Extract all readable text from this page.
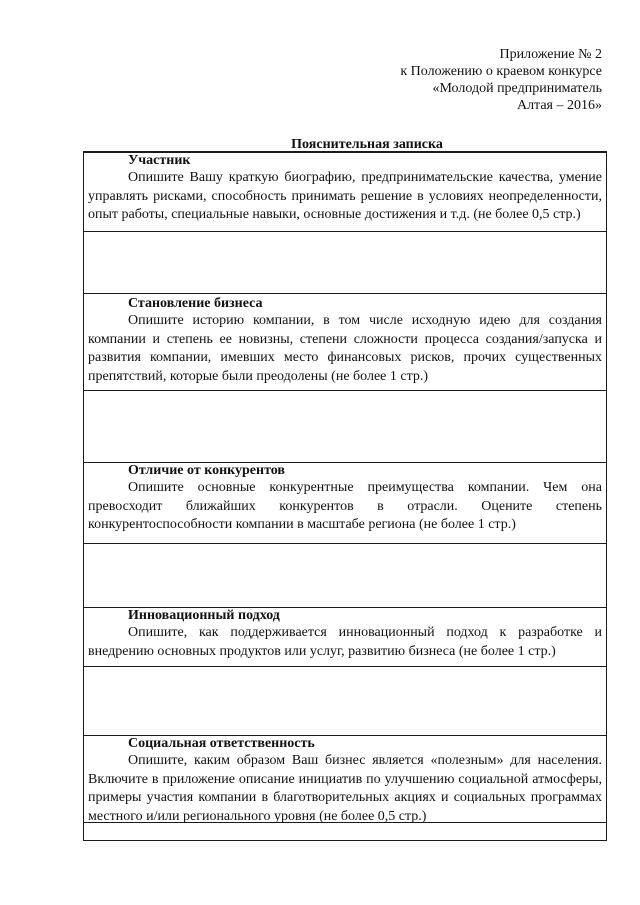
Приложение № 2
к Положению о краевом конкурсе
«Молодой предприниматель
Алтая – 2016»
Пояснительная записка
Участник
Опишите Вашу краткую биографию, предпринимательские качества, умение управлять рисками, способность принимать решение в условиях неопределенности, опыт работы, специальные навыки, основные достижения и т.д. (не более 0,5 стр.)
Становление бизнеса
Опишите историю компании, в том числе исходную идею для создания компании и степень ее новизны, степени сложности процесса создания/запуска и развития компании, имевших место финансовых рисков, прочих существенных препятствий, которые были преодолены (не более 1 стр.)
Отличие от конкурентов
Опишите основные конкурентные преимущества компании. Чем она превосходит ближайших конкурентов в отрасли. Оцените степень конкурентоспособности компании в масштабе региона (не более 1 стр.)
Инновационный подход
Опишите, как поддерживается инновационный подход к разработке и внедрению основных продуктов или услуг, развитию бизнеса (не более 1 стр.)
Социальная ответственность
Опишите, каким образом Ваш бизнес является «полезным» для населения. Включите в приложение описание инициатив по улучшению социальной атмосферы, примеры участия компании в благотворительных акциях и социальных программах местного и/или регионального уровня (не более 0,5 стр.)
